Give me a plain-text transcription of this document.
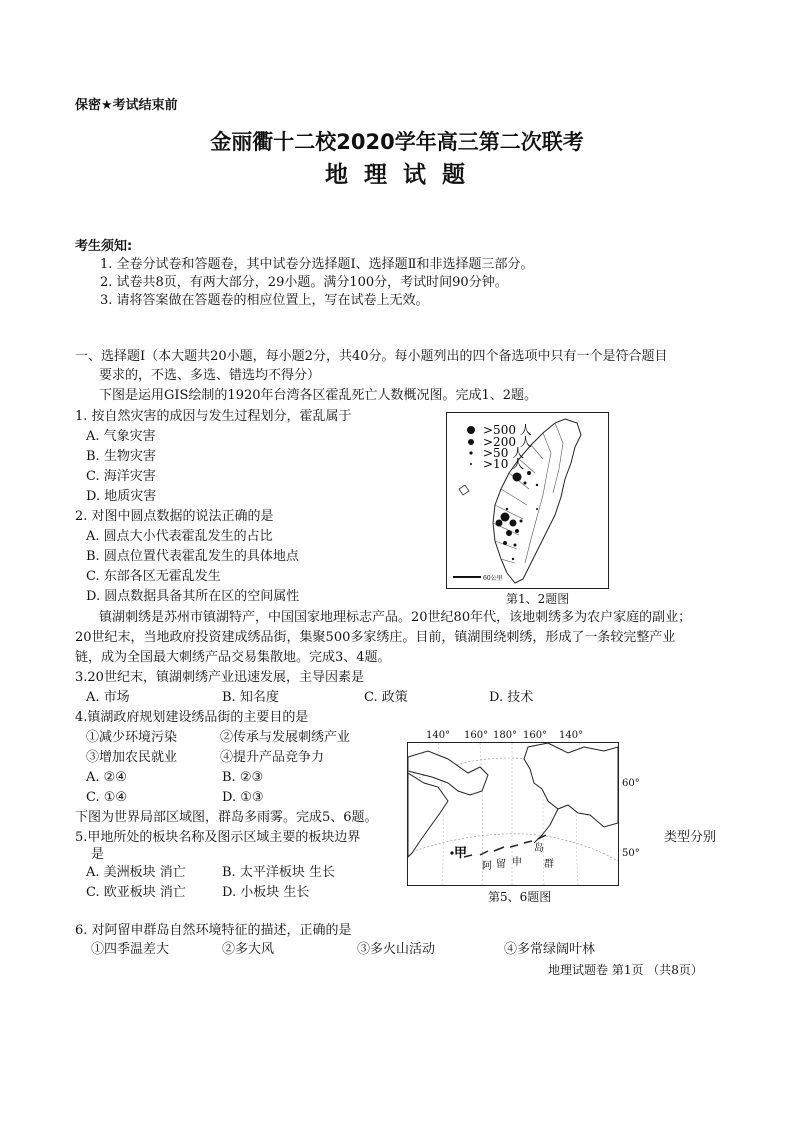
保密★考试结束前
金丽衢十二校2020学年高三第二次联考
地 理 试 题
考生须知:
1. 全卷分试卷和答题卷，其中试卷分选择题Ⅰ、选择题Ⅱ和非选择题三部分。
2. 试卷共8页，有两大部分，29小题。满分100分，考试时间90分钟。
3. 请将答案做在答题卷的相应位置上，写在试卷上无效。
一、选择题Ⅰ（本大题共20小题，每小题2分，共40分。每小题列出的四个备选项中只有一个是符合题目
要求的，不选、多选、错选均不得分）
下图是运用GIS绘制的1920年台湾各区霍乱死亡人数概况图。完成1、2题。
1. 按自然灾害的成因与发生过程划分，霍乱属于
A. 气象灾害
B. 生物灾害
C. 海洋灾害
D. 地质灾害
2. 对图中圆点数据的说法正确的是
A. 圆点大小代表霍乱发生的占比
B. 圆点位置代表霍乱发生的具体地点
C. 东部各区无霍乱发生
D. 圆点数据具备其所在区的空间属性
>500 人
>200 人
>50 人
>10 人
60公里
第1、2题图
镇湖刺绣是苏州市镇湖特产，中国国家地理标志产品。20世纪80年代，该地刺绣多为农户家庭的副业；
20世纪末，当地政府投资建成绣品街，集聚500多家绣庄。目前，镇湖围绕刺绣，形成了一条较完整产业
链，成为全国最大刺绣产品交易集散地。完成3、4题。
3.20世纪末，镇湖刺绣产业迅速发展，主导因素是
A. 市场	B. 知名度	C. 政策	D. 技术
4.镇湖政府规划建设绣品街的主要目的是
①减少环境污染	②传承与发展刺绣产业
③增加农民就业	④提升产品竞争力
A. ②④	B. ②③
C. ①④	D. ①③
140° 160° 180° 160° 140°
甲
阿 留 申
岛
群
60°
50°
第5、6题图
下图为世界局部区域图，群岛多雨雾。完成5、6题。
5.甲地所处的板块名称及图示区域主要的板块边界	类型分别
是
A. 美洲板块 消亡	B. 太平洋板块 生长
C. 欧亚板块 消亡	D. 小板块 生长
6. 对阿留申群岛自然环境特征的描述，正确的是
①四季温差大	②多大风	③多火山活动	④多常绿阔叶林
地理试题卷 第1页 （共8页）
